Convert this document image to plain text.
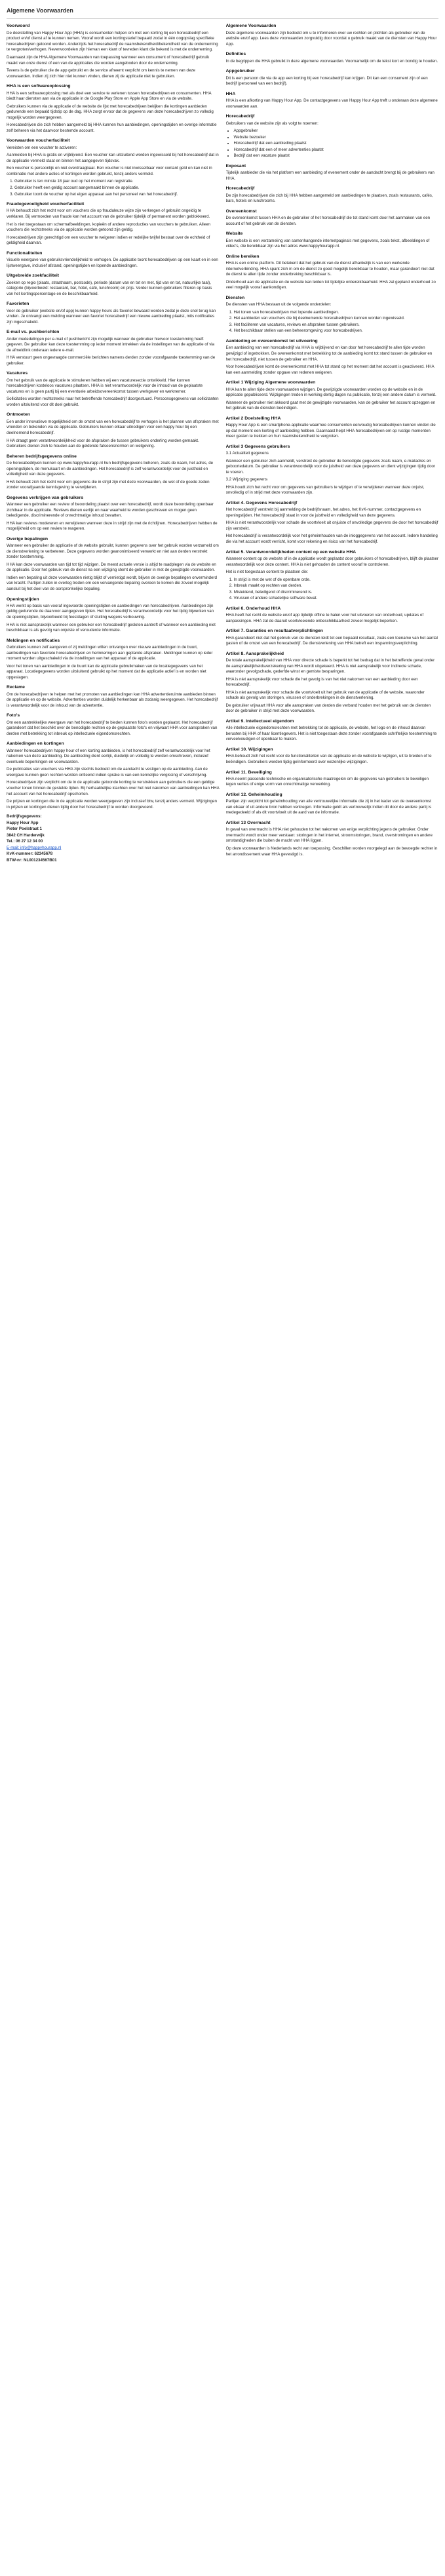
Algemene Voorwaarden
Voorwoord

De doelstelling van Happy Hour App (HHA) is consumenten helpen om met een korting bij een horecabedrijf een product en/of dienst af te kunnen nemen. Vooraf wordt een kortingstarief bepaald zodat in één oogopslag specifieke horecabedrijven getoond worden. Anderzijds het horecabedrijf de naamsbekendheid/bekendheid van de onderneming te vergroten/verhogen. Nevenvoordelen zijn hiervan een klant of tevreden klant die bekend is met de onderneming.

Daarnaast zijn de HHA Algemene Voorwaarden van toepassing wanneer een consument of horecabedrijf gebruik maakt van onze dienst of een van de applicaties die worden aangeboden door de onderneming.

Tevens is de gebruiker die de app gebruikt en de service afneemt verplicht om kennis te nemen van deze voorwaarden. Indien zij zich hier niet kunnen vinden, dienen zij de applicatie niet te gebruiken.

HHA is een softwareoplossing

HHA is een softwareoplossing met als doel een service te verlenen tussen horecabedrijven en consumenten. HHA biedt haar diensten aan via de applicatie in de Google Play Store en Apple App Store en via de website.

Gebruikers kunnen via de applicatie of de website de lijst met horecabedrijven bekijken die kortingen aanbieden gedurende een bepaald tijdstip op de dag. HHA zorgt ervoor dat de gegevens van deze horecabedrijven zo volledig mogelijk worden weergegeven.

Horecabedrijven die zich hebben aangemeld bij HHA kunnen hun aanbiedingen, openingstijden en overige informatie zelf beheren via het daarvoor bestemde account.

Voorwaarden voucherfaciliteit

Vereisten om een voucher te activeren:

Aanmelden bij HHA is gratis en vrijblijvend. Een voucher kan uitsluitend worden ingewisseld bij het horecabedrijf dat in de applicatie vermeld staat en binnen het aangegeven tijdsvak.

Een voucher is persoonlijk en niet overdraagbaar. Een voucher is niet inwisselbaar voor contant geld en kan niet in combinatie met andere acties of kortingen worden gebruikt, tenzij anders vermeld.

1. Gebruiker is ten minste 18 jaar oud op het moment van registratie.
2. Gebruiker heeft een geldig account aangemaakt binnen de applicatie.
3. Gebruiker toont de voucher op het eigen apparaat aan het personeel van het horecabedrijf.
Fraudegevoeligheid voucherfaciliteit

HHA behoudt zich het recht voor om vouchers die op frauduleuze wijze zijn verkregen of gebruikt ongeldig te verklaren. Bij vermoeden van fraude kan het account van de gebruiker tijdelijk of permanent worden geblokkeerd.

Het is niet toegestaan om schermafbeeldingen, kopieën of andere reproducties van vouchers te gebruiken. Alleen vouchers die rechtstreeks via de applicatie worden getoond zijn geldig.

Horecabedrijven zijn gerechtigd om een voucher te weigeren indien er redelijke twijfel bestaat over de echtheid of geldigheid daarvan.

Functionaliteiten

Visuele weergave van gebruiksvriendelijkheid te verhogen. De applicatie toont horecabedrijven op een kaart en in een lijstweergave, inclusief afstand, openingstijden en lopende aanbiedingen.

Uitgebreide zoekfaciliteit

Zoeken op regio (plaats, straatnaam, postcode), periode (datum van en tot en met, tijd van en tot, natuurlijke taal), categorie (bijvoorbeeld: restaurant, bar, hotel, café, lunchroom) en prijs. Verder kunnen gebruikers filteren op basis van het kortingspercentage en de beschikbaarheid.

Favorieten

Voor de gebruiker (website en/of app) kunnen happy hours als favoriet bewaard worden zodat je deze snel terug kan vinden. Je ontvangt een melding wanneer een favoriet horecabedrijf een nieuwe aanbieding plaatst, mits notificaties zijn ingeschakeld.

E-mail vs. pushberichten

Ander mededelingen per e-mail of pushbericht zijn mogelijk wanneer de gebruiker hiervoor toestemming heeft gegeven. De gebruiker kan deze toestemming op ieder moment intrekken via de instellingen van de applicatie of via de afmeldlink onderaan iedere e-mail.

HHA verstuurt geen ongevraagde commerciële berichten namens derden zonder voorafgaande toestemming van de gebruiker.

Vacatures

Om het gebruik van de applicatie te stimuleren hebben wij een vacaturesectie ontwikkeld. Hier kunnen horecabedrijven kosteloos vacatures plaatsen. HHA is niet verantwoordelijk voor de inhoud van de geplaatste vacatures en is geen partij bij een eventuele arbeidsovereenkomst tussen werkgever en werknemer.

Sollicitaties worden rechtstreeks naar het betreffende horecabedrijf doorgestuurd. Persoonsgegevens van sollicitanten worden uitsluitend voor dit doel gebruikt.

Ontmoeten

Een ander innovatieve mogelijkheid om de omzet van een horecabedrijf te verhogen is het plannen van afspraken met vrienden en bekenden via de applicatie. Gebruikers kunnen elkaar uitnodigen voor een happy hour bij een deelnemend horecabedrijf.

HHA draagt geen verantwoordelijkheid voor de afspraken die tussen gebruikers onderling worden gemaakt. Gebruikers dienen zich te houden aan de geldende fatsoensnormen en wetgeving.

Beheren bedrijfsgegevens online

De horecabedrijven kunnen op www.happyhourapp.nl hun bedrijfsgegevens beheren, zoals de naam, het adres, de openingstijden, de menukaart en de aanbiedingen. Het horecabedrijf is zelf verantwoordelijk voor de juistheid en volledigheid van deze gegevens.

HHA behoudt zich het recht voor om gegevens die in strijd zijn met deze voorwaarden, de wet of de goede zeden zonder voorafgaande kennisgeving te verwijderen.

Gegevens verkrijgen van gebruikers

Wanneer een gebruiker een review of beoordeling plaatst over een horecabedrijf, wordt deze beoordeling openbaar zichtbaar in de applicatie. Reviews dienen eerlijk en naar waarheid te worden geschreven en mogen geen beledigende, discriminerende of onrechtmatige inhoud bevatten.

HHA kan reviews modereren en verwijderen wanneer deze in strijd zijn met de richtlijnen. Horecabedrijven hebben de mogelijkheid om op een review te reageren.

Overige bepalingen

Wanneer een gebruiker de applicatie of de website gebruikt, kunnen gegevens over het gebruik worden verzameld om de dienstverlening te verbeteren. Deze gegevens worden geanonimiseerd verwerkt en niet aan derden verstrekt zonder toestemming.

HHA kan deze voorwaarden van tijd tot tijd wijzigen. De meest actuele versie is altijd te raadplegen via de website en de applicatie. Door het gebruik van de dienst na een wijziging stemt de gebruiker in met de gewijzigde voorwaarden.

Indien een bepaling uit deze voorwaarden nietig blijkt of vernietigd wordt, blijven de overige bepalingen onverminderd van kracht. Partijen zullen in overleg treden om een vervangende bepaling overeen te komen die zoveel mogelijk aansluit bij het doel van de oorspronkelijke bepaling.

Openingstijden

HHA werkt op basis van vooraf ingevoerde openingstijden en aanbiedingen van horecabedrijven. Aanbiedingen zijn geldig gedurende de daarvoor aangegeven tijden. Het horecabedrijf is verantwoordelijk voor het tijdig bijwerken van de openingstijden, bijvoorbeeld bij feestdagen of sluiting wegens verbouwing.

HHA is niet aansprakelijk wanneer een gebruiker een horecabedrijf gesloten aantreft of wanneer een aanbieding niet beschikbaar is als gevolg van onjuiste of verouderde informatie.

Meldingen en notificaties

Gebruikers kunnen zelf aangeven of zij meldingen willen ontvangen over nieuwe aanbiedingen in de buurt, aanbiedingen van favoriete horecabedrijven en herinneringen aan geplande afspraken. Meldingen kunnen op ieder moment worden uitgeschakeld via de instellingen van het apparaat of de applicatie.

Voor het tonen van aanbiedingen in de buurt kan de applicatie gebruikmaken van de locatiegegevens van het apparaat. Locatiegegevens worden uitsluitend gebruikt op het moment dat de applicatie actief is en worden niet opgeslagen.

Reclame

Om de horecabedrijven te helpen met het promoten van aanbiedingen kan HHA advertentieruimte aanbieden binnen de applicatie en op de website. Advertenties worden duidelijk herkenbaar als zodanig weergegeven. Het horecabedrijf is verantwoordelijk voor de inhoud van de advertentie.

Foto's

Om een aantrekkelijke weergave van het horecabedrijf te bieden kunnen foto's worden geplaatst. Het horecabedrijf garandeert dat het beschikt over de benodigde rechten op de geplaatste foto's en vrijwaart HHA voor aanspraken van derden met betrekking tot inbreuk op intellectuele eigendomsrechten.

Aanbiedingen en kortingen

Wanneer horecabedrijven happy hour of een korting aanbieden, is het horecabedrijf zelf verantwoordelijk voor het nakomen van deze aanbieding. De aanbieding dient eerlijk, duidelijk en volledig te worden omschreven, inclusief eventuele beperkingen en voorwaarden.

De publicaties van vouchers via HHA zijn slechts bedoeld om de aandacht te vestigen op de aanbieding. Aan de weergave kunnen geen rechten worden ontleend indien sprake is van een kennelijke vergissing of verschrijving.

Horecabedrijven zijn verplicht om de in de applicatie getoonde korting te verstrekken aan gebruikers die een geldige voucher tonen binnen de gestelde tijden. Bij herhaaldelijke klachten over het niet nakomen van aanbiedingen kan HHA het account van het horecabedrijf opschorten.

De prijzen en kortingen die in de applicatie worden weergegeven zijn inclusief btw, tenzij anders vermeld. Wijzigingen in prijzen en kortingen dienen tijdig door het horecabedrijf te worden doorgevoerd.

Bedrijfsgegevens:

Happy Hour App

Pieter Poelstraat 1

3842 CH Harderwijk

Tel.: 06 27 12 34 00

E-mail: info@happyhourapp.nl

KvK-nummer: 62345678

BTW-nr: NL001234567B01

Algemene Voorwaarden

Deze algemene voorwaarden zijn bedoeld om u te informeren over uw rechten en plichten als gebruiker van de website en/of app. Lees deze voorwaarden zorgvuldig door voordat u gebruik maakt van de diensten van Happy Hour App.

Definities

In de begrippen die HHA gebruikt in deze algemene voorwaarden. Voornamelijk om de tekst kort en bondig te houden.

Appgebruiker

Dit is een persoon die via de app een korting bij een horecabedrijf kan krijgen. Dit kan een consument zijn of een bedrijf (personeel van een bedrijf).

HHA

HHA is een afkorting van Happy Hour App. De contactgegevens van Happy Hour App treft u onderaan deze algemene voorwaarden aan.

Horecabedrijf

Gebruikers van de website zijn als volgt te noemen:

• Appgebruiker
• Website bezoeker
• Horecabedrijf dat een aanbieding plaatst
• Horecabedrijf dat een of meer advertenties plaatst
• Bedrijf dat een vacature plaatst
Exposant

Tijdelijk aanbieder die via het platform een aanbieding of evenement onder de aandacht brengt bij de gebruikers van HHA.

Horecabedrijf

De zijn horecabedrijven die zich bij HHA hebben aangemeld om aanbiedingen te plaatsen, zoals restaurants, cafés, bars, hotels en lunchrooms.

Overeenkomst

De overeenkomst tussen HHA en de gebruiker of het horecabedrijf die tot stand komt door het aanmaken van een account of het gebruik van de diensten.

Website

Een website is een verzameling van samenhangende internetpagina's met gegevens, zoals tekst, afbeeldingen of video's, die bereikbaar zijn via het adres www.happyhourapp.nl.

Online bereiken

HHA is een online platform. Dit betekent dat het gebruik van de dienst afhankelijk is van een werkende internetverbinding. HHA spant zich in om de dienst zo goed mogelijk bereikbaar te houden, maar garandeert niet dat de dienst te allen tijde zonder onderbreking beschikbaar is.

Onderhoud aan de applicatie en de website kan leiden tot tijdelijke onbereikbaarheid. HHA zal gepland onderhoud zo veel mogelijk vooraf aankondigen.

Diensten

De diensten van HHA bestaan uit de volgende onderdelen:

1. Het tonen van horecabedrijven met lopende aanbiedingen.
2. Het aanbieden van vouchers die bij deelnemende horecabedrijven kunnen worden ingewisseld.
3. Het faciliteren van vacatures, reviews en afspraken tussen gebruikers.
4. Het beschikbaar stellen van een beheeromgeving voor horecabedrijven.
Aanbieding en overeenkomst tot uitvoering

Een aanbieding van een horecabedrijf via HHA is vrijblijvend en kan door het horecabedrijf te allen tijde worden gewijzigd of ingetrokken. De overeenkomst met betrekking tot de aanbieding komt tot stand tussen de gebruiker en het horecabedrijf, niet tussen de gebruiker en HHA.

Voor horecabedrijven komt de overeenkomst met HHA tot stand op het moment dat het account is geactiveerd. HHA kan een aanmelding zonder opgave van redenen weigeren.

Artikel 1 Wijziging Algemene voorwaarden

HHA kan te allen tijde deze voorwaarden wijzigen. De gewijzigde voorwaarden worden op de website en in de applicatie gepubliceerd. Wijzigingen treden in werking dertig dagen na publicatie, tenzij een andere datum is vermeld.

Wanneer de gebruiker niet akkoord gaat met de gewijzigde voorwaarden, kan de gebruiker het account opzeggen en het gebruik van de diensten beëindigen.

Artikel 2 Doelstelling HHA

Happy Hour App is een smartphone-applicatie waarmee consumenten eenvoudig horecabedrijven kunnen vinden die op dat moment een korting of aanbieding hebben. Daarnaast helpt HHA horecabedrijven om op rustige momenten meer gasten te trekken en hun naamsbekendheid te vergroten.

Artikel 3 Gegevens gebruikers

3.1 Actualiteit gegevens

Wanneer een gebruiker zich aanmeldt, verstrekt de gebruiker de benodigde gegevens zoals naam, e-mailadres en geboortedatum. De gebruiker is verantwoordelijk voor de juistheid van deze gegevens en dient wijzigingen tijdig door te voeren.

3.2 Wijziging gegevens

HHA houdt zich het recht voor om gegevens van gebruikers te wijzigen of te verwijderen wanneer deze onjuist, onvolledig of in strijd met deze voorwaarden zijn.

Artikel 4. Gegevens Horecabedrijf

Het horecabedrijf verstrekt bij aanmelding de bedrijfsnaam, het adres, het KvK-nummer, contactgegevens en openingstijden. Het horecabedrijf staat in voor de juistheid en volledigheid van deze gegevens.

HHA is niet verantwoordelijk voor schade die voortvloeit uit onjuiste of onvolledige gegevens die door het horecabedrijf zijn verstrekt.

Het horecabedrijf is verantwoordelijk voor het geheimhouden van de inloggegevens van het account. Iedere handeling die via het account wordt verricht, komt voor rekening en risico van het horecabedrijf.

Artikel 5. Verantwoordelijkheden content op een website HHA

Wanneer content op de website of in de applicatie wordt geplaatst door gebruikers of horecabedrijven, blijft de plaatser verantwoordelijk voor deze content. HHA is niet gehouden de content vooraf te controleren.

Het is niet toegestaan content te plaatsen die:

1. In strijd is met de wet of de openbare orde.
2. Inbreuk maakt op rechten van derden.
3. Misleidend, beledigend of discriminerend is.
4. Virussen of andere schadelijke software bevat.
Artikel 6. Onderhoud HHA

HHA heeft het recht de website en/of app tijdelijk offline te halen voor het uitvoeren van onderhoud, updates of aanpassingen. HHA zal de daaruit voortvloeiende onbeschikbaarheid zoveel mogelijk beperken.

Artikel 7. Garanties en resultaatverplichtingen

HHA garandeert niet dat het gebruik van de diensten leidt tot een bepaald resultaat, zoals een toename van het aantal gasten of de omzet van een horecabedrijf. De dienstverlening van HHA betreft een inspanningsverplichting.

Artikel 8. Aansprakelijkheid

De totale aansprakelijkheid van HHA voor directe schade is beperkt tot het bedrag dat in het betreffende geval onder de aansprakelijkheidsverzekering van HHA wordt uitgekeerd. HHA is niet aansprakelijk voor indirecte schade, waaronder gevolgschade, gederfde winst en gemiste besparingen.

HHA is niet aansprakelijk voor schade die het gevolg is van het niet nakomen van een aanbieding door een horecabedrijf.

HHA is niet aansprakelijk voor schade die voortvloeit uit het gebruik van de applicatie of de website, waaronder schade als gevolg van storingen, virussen of onderbrekingen in de dienstverlening.

De gebruiker vrijwaart HHA voor alle aanspraken van derden die verband houden met het gebruik van de diensten door de gebruiker in strijd met deze voorwaarden.

Artikel 9. Intellectueel eigendom

Alle intellectuele eigendomsrechten met betrekking tot de applicatie, de website, het logo en de inhoud daarvan berusten bij HHA of haar licentiegevers. Het is niet toegestaan deze zonder voorafgaande schriftelijke toestemming te verveelvoudigen of openbaar te maken.

Artikel 10. Wijzigingen

HHA behoudt zich het recht voor de functionaliteiten van de applicatie en de website te wijzigen, uit te breiden of te beëindigen. Gebruikers worden tijdig geïnformeerd over wezenlijke wijzigingen.

Artikel 11. Beveiliging

HHA neemt passende technische en organisatorische maatregelen om de gegevens van gebruikers te beveiligen tegen verlies of enige vorm van onrechtmatige verwerking.

Artikel 12. Geheimhouding

Partijen zijn verplicht tot geheimhouding van alle vertrouwelijke informatie die zij in het kader van de overeenkomst van elkaar of uit andere bron hebben verkregen. Informatie geldt als vertrouwelijk indien dit door de andere partij is medegedeeld of als dit voortvloeit uit de aard van de informatie.

Artikel 13 Overmacht

In geval van overmacht is HHA niet gehouden tot het nakomen van enige verplichting jegens de gebruiker. Onder overmacht wordt onder meer verstaan: storingen in het internet, stroomstoringen, brand, overstromingen en andere omstandigheden die buiten de macht van HHA liggen.

Op deze voorwaarden is Nederlands recht van toepassing. Geschillen worden voorgelegd aan de bevoegde rechter in het arrondissement waar HHA gevestigd is.
